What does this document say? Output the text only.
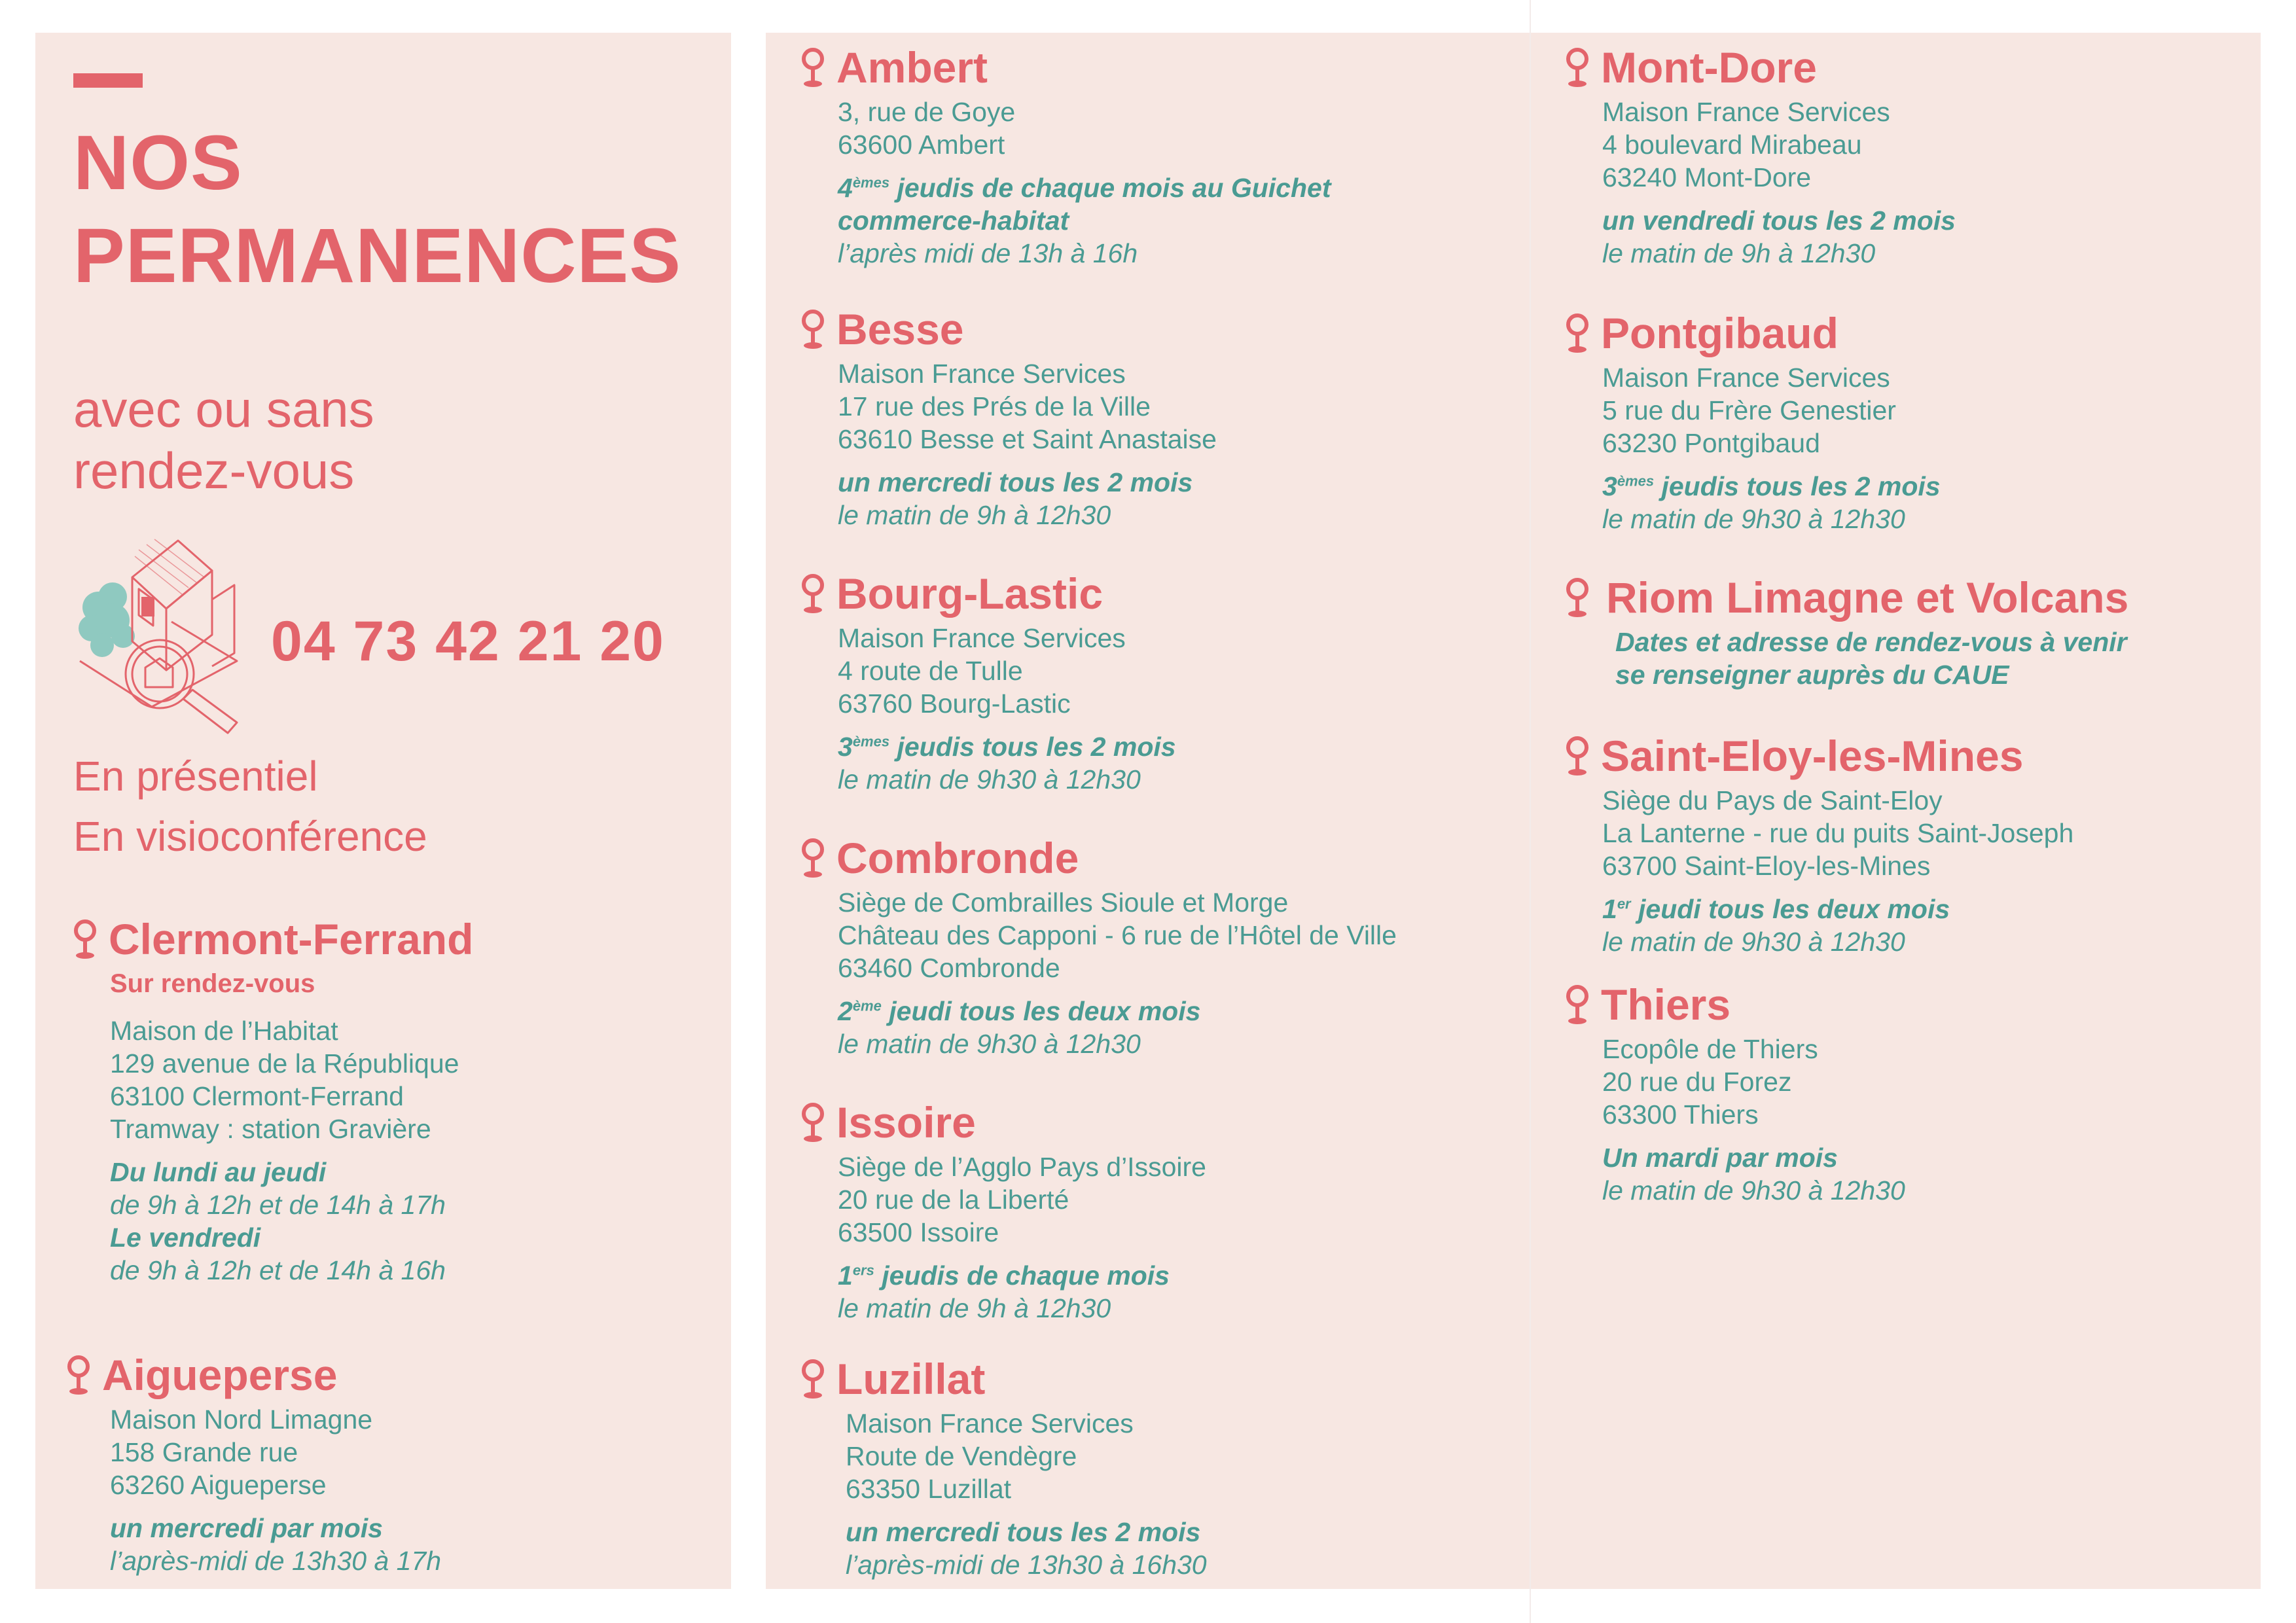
NOS
PERMANENCES
avec ou sans
rendez-vous
04 73 42 21 20
En présentiel
En visioconférence
Clermont-Ferrand
Sur rendez-vous
Maison de l’Habitat
129 avenue de la République
63100 Clermont-Ferrand
Tramway : station Gravière
Du lundi au jeudi
de 9h à 12h et de 14h à 17h
Le vendredi
de 9h à 12h et de 14h à 16h
Aigueperse
Maison Nord Limagne
158 Grande rue
63260 Aigueperse
un mercredi par mois
l’après-midi de 13h30 à 17h
Ambert
3, rue de Goye
63600 Ambert
4èmes jeudis de chaque mois au Guichet
commerce-habitat
l’après midi de 13h à 16h
Besse
Maison France Services
17 rue des Prés de la Ville
63610 Besse et Saint Anastaise
un mercredi tous les 2 mois
le matin de 9h à 12h30
Bourg-Lastic
Maison France Services
4 route de Tulle
63760 Bourg-Lastic
3èmes jeudis tous les 2 mois
le matin de 9h30 à 12h30
Combronde
Siège de Combrailles Sioule et Morge
Château des Capponi - 6 rue de l’Hôtel de Ville
63460 Combronde
2ème jeudi tous les deux mois
le matin de 9h30 à 12h30
Issoire
Siège de l’Agglo Pays d’Issoire
20 rue de la Liberté
63500 Issoire
1ers jeudis de chaque mois
le matin de 9h à 12h30
Luzillat
Maison France Services
Route de Vendègre
63350 Luzillat
un mercredi tous les 2 mois
l’après-midi de 13h30 à 16h30
Mont-Dore
Maison France Services
4 boulevard Mirabeau
63240 Mont-Dore
un vendredi tous les 2 mois
le matin de 9h à 12h30
Pontgibaud
Maison France Services
5 rue du Frère Genestier
63230 Pontgibaud
3èmes jeudis tous les 2 mois
le matin de 9h30 à 12h30
Riom Limagne et Volcans
Dates et adresse de rendez-vous à venir
se renseigner auprès du CAUE
Saint-Eloy-les-Mines
Siège du Pays de Saint-Eloy
La Lanterne - rue du puits Saint-Joseph
63700 Saint-Eloy-les-Mines
1er jeudi tous les deux mois
le matin de 9h30 à 12h30
Thiers
Ecopôle de Thiers
20 rue du Forez
63300 Thiers
Un mardi par mois
le matin de 9h30 à 12h30
